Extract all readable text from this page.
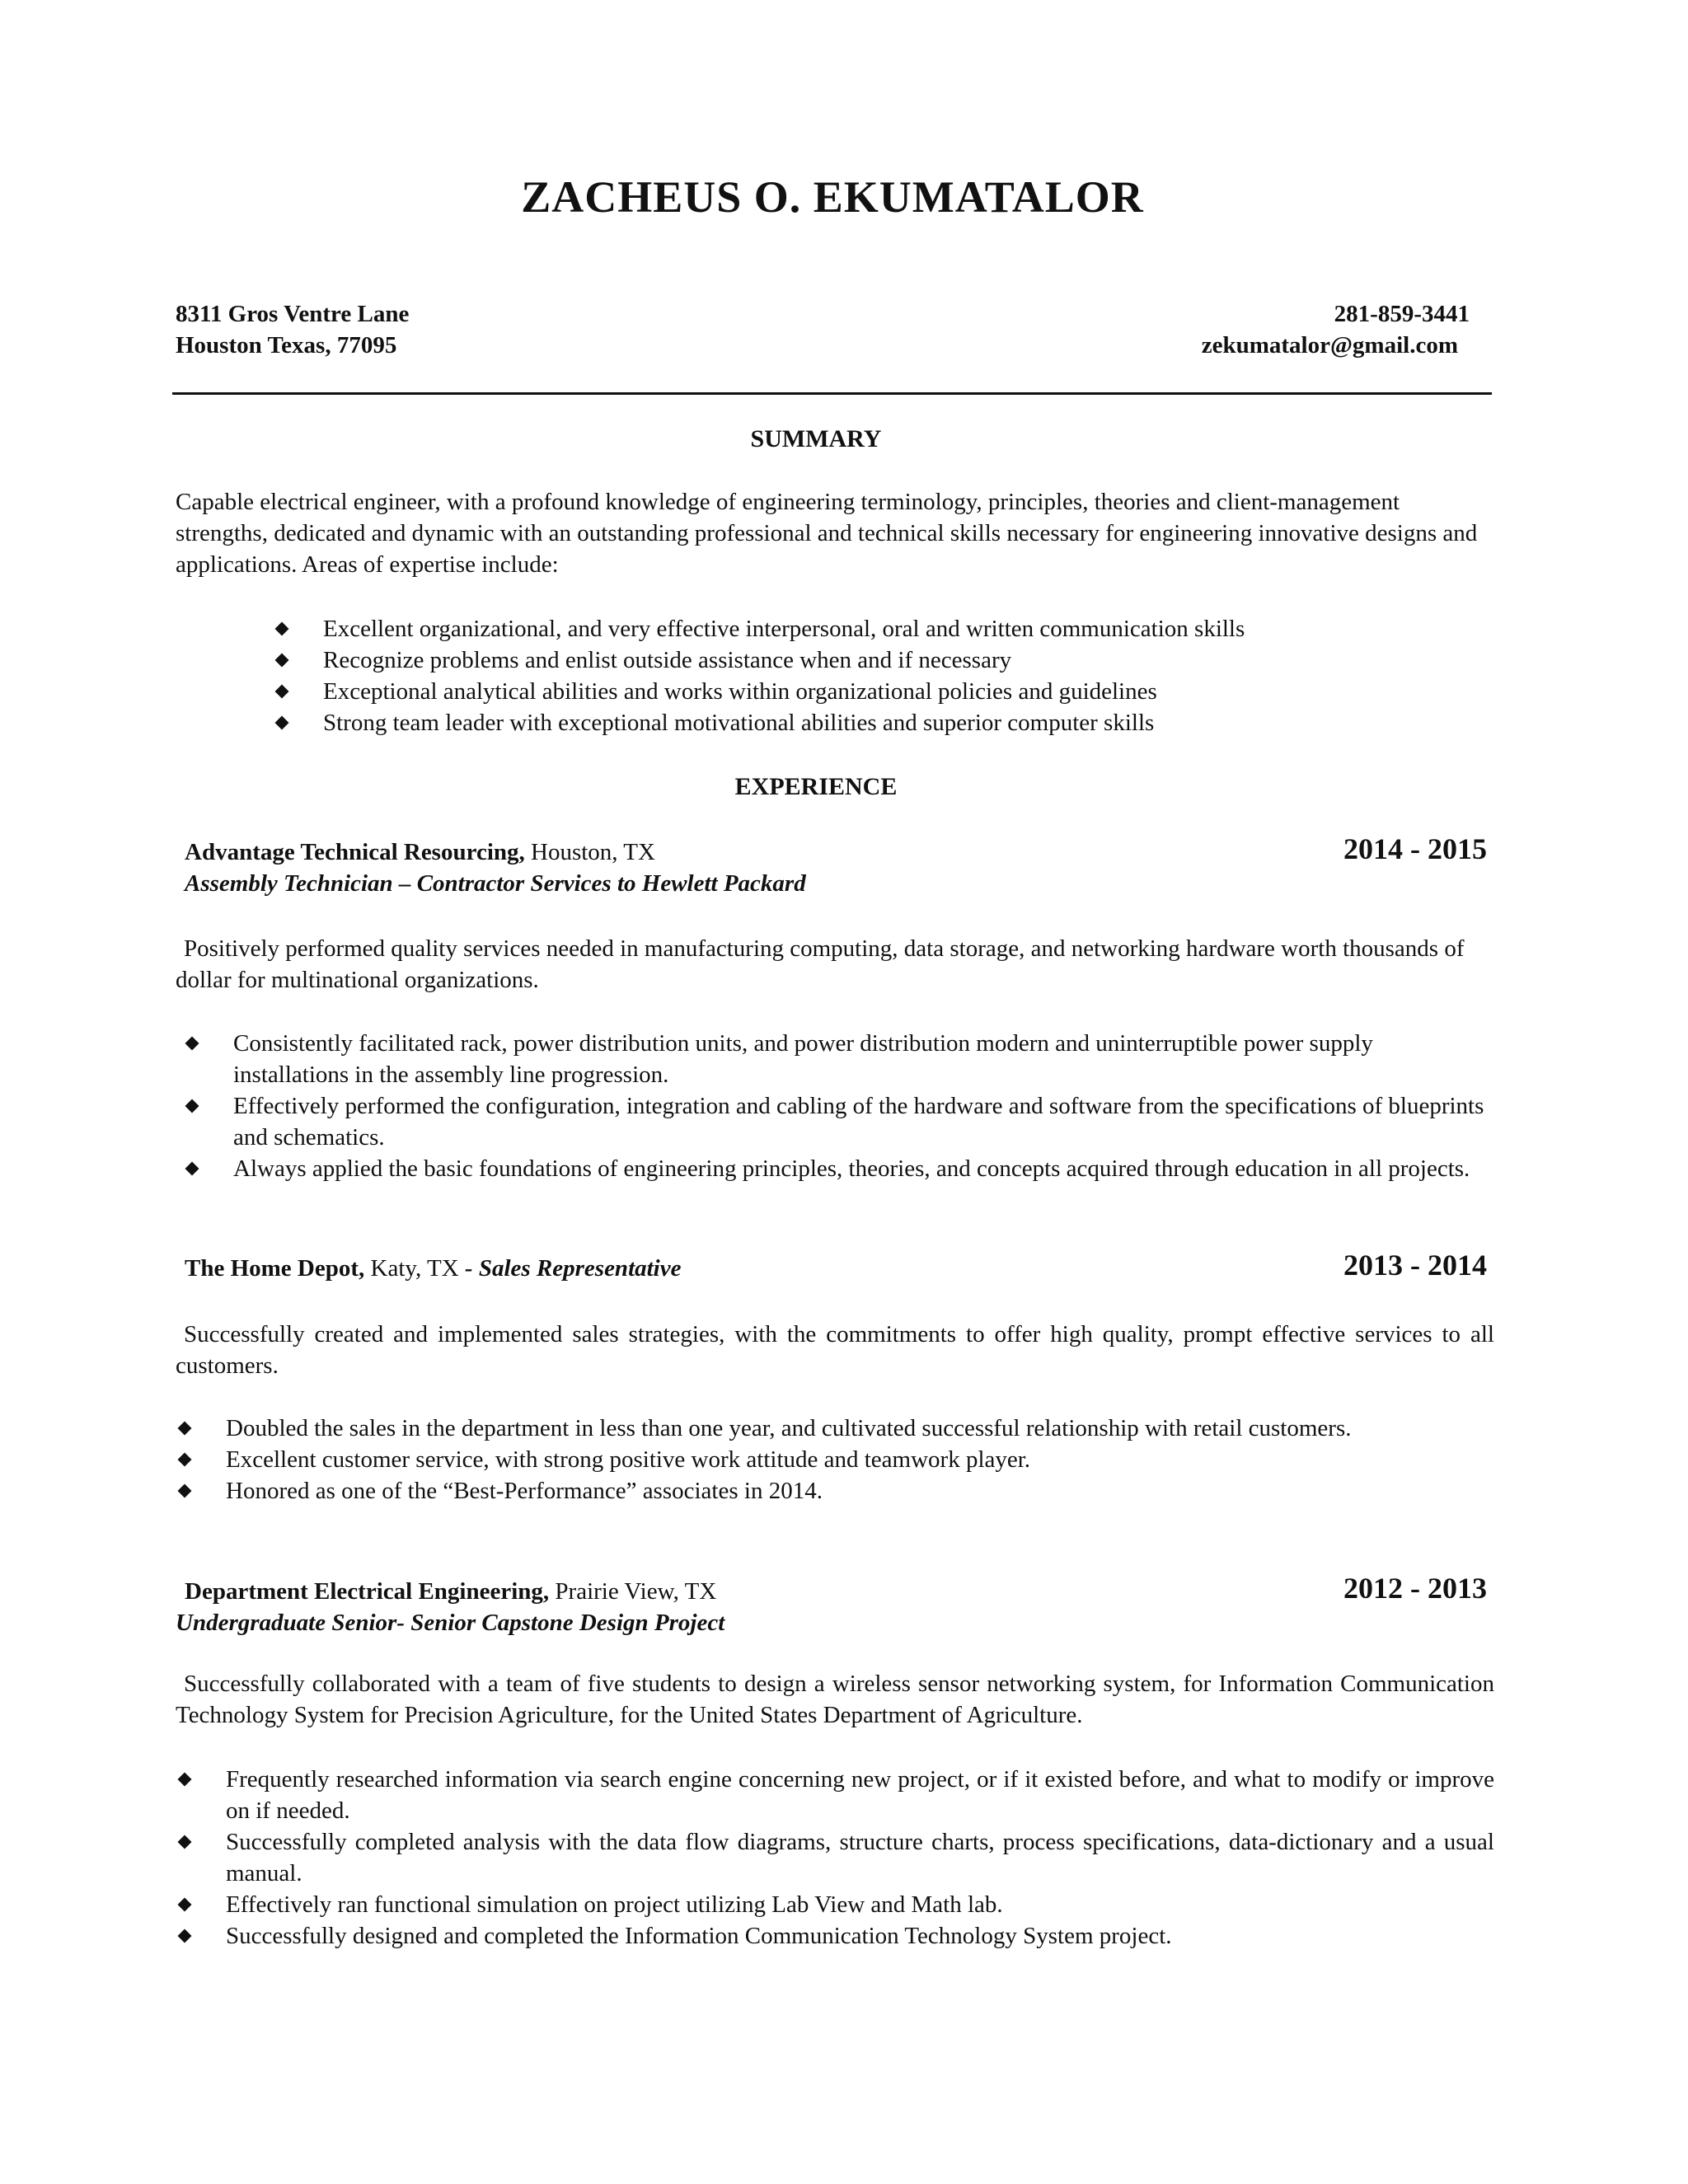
ZACHEUS O. EKUMATALOR
8311 Gros Ventre Lane	281-859-3441
Houston Texas, 77095	zekumatalor@gmail.com
SUMMARY
Capable electrical engineer, with a profound knowledge of engineering terminology, principles, theories and client-management strengths, dedicated and dynamic with an outstanding professional and technical skills necessary for engineering innovative designs and applications. Areas of expertise include:
Excellent organizational, and very effective interpersonal, oral and written communication skills
Recognize problems and enlist outside assistance when and if necessary
Exceptional analytical abilities and works within organizational policies and guidelines
Strong team leader with exceptional motivational abilities and superior computer skills
EXPERIENCE
Advantage Technical Resourcing, Houston, TX	2014 - 2015
Assembly Technician – Contractor Services to Hewlett Packard
Positively performed quality services needed in manufacturing computing, data storage, and networking hardware worth thousands of dollar for multinational organizations.
Consistently facilitated rack, power distribution units, and power distribution modern and uninterruptible power supply installations in the assembly line progression.
Effectively performed the configuration, integration and cabling of the hardware and software from the specifications of blueprints and schematics.
Always applied the basic foundations of engineering principles, theories, and concepts acquired through education in all projects.
The Home Depot, Katy, TX - Sales Representative	2013 - 2014
Successfully created and implemented sales strategies, with the commitments to offer high quality, prompt effective services to all customers.
Doubled the sales in the department in less than one year, and cultivated successful relationship with retail customers.
Excellent customer service, with strong positive work attitude and teamwork player.
Honored as one of the “Best-Performance” associates in 2014.
Department Electrical Engineering, Prairie View, TX	2012 - 2013
Undergraduate Senior- Senior Capstone Design Project
Successfully collaborated with a team of five students to design a wireless sensor networking system, for Information Communication Technology System for Precision Agriculture, for the United States Department of Agriculture.
Frequently researched information via search engine concerning new project, or if it existed before, and what to modify or improve on if needed.
Successfully completed analysis with the data flow diagrams, structure charts, process specifications, data-dictionary and a usual manual.
Effectively ran functional simulation on project utilizing Lab View and Math lab.
Successfully designed and completed the Information Communication Technology System project.
